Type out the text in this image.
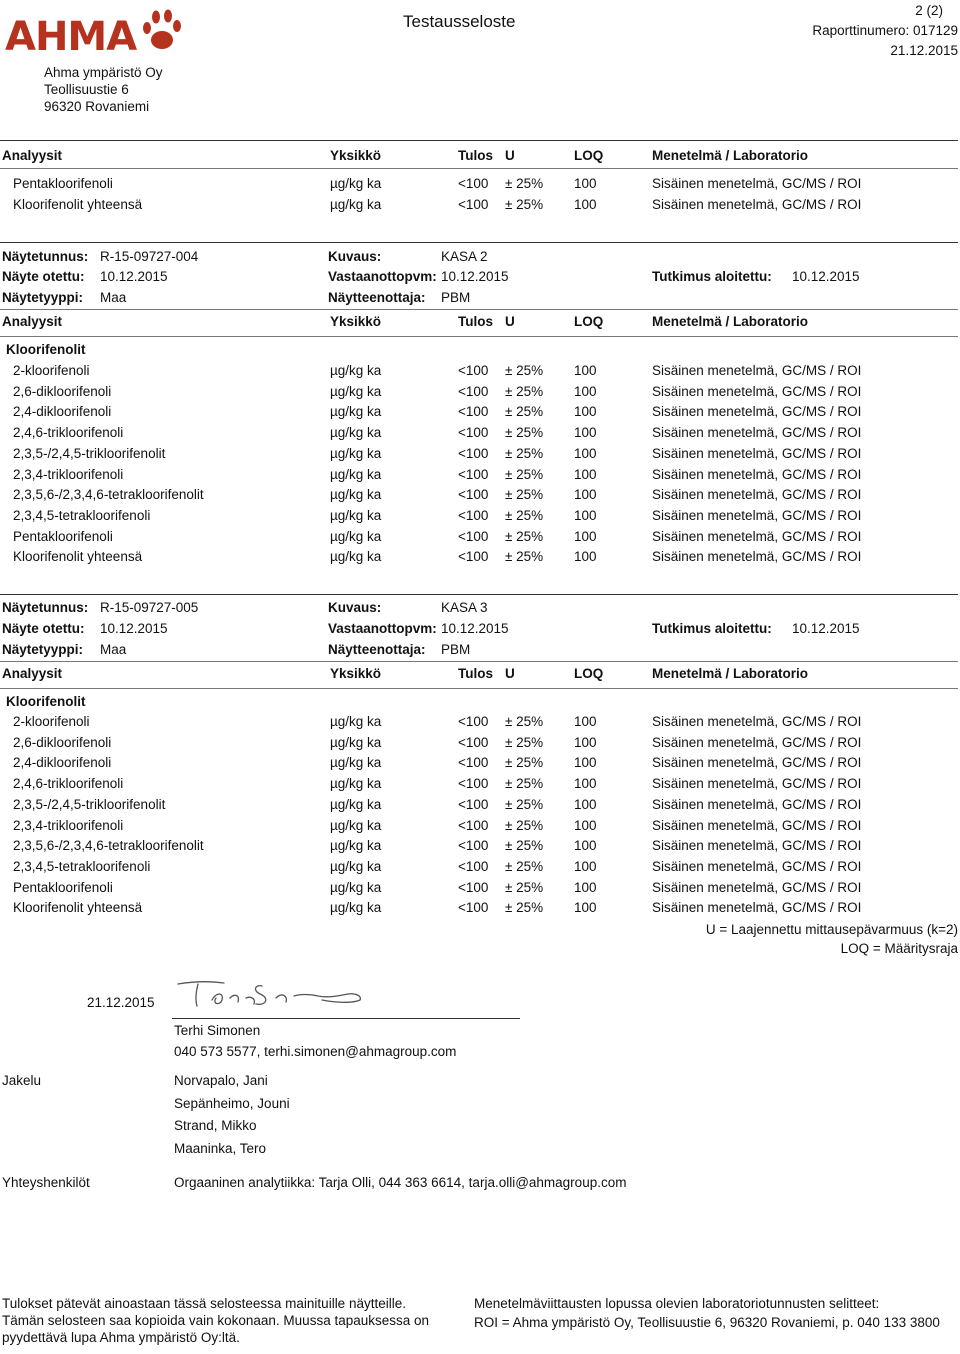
AHMA
Ahma ympäristö Oy
Teollisuustie 6
96320 Rovaniemi
Testausseloste
2 (2)
Raporttinumero: 017129
21.12.2015
Analyysit	Yksikkö	Tulos U	LOQ	Menetelmä / Laboratorio
Pentakloorifenoli	µg/kg ka	<100 ± 25% 100	Sisäinen menetelmä, GC/MS / ROI
Kloorifenolit yhteensä	µg/kg ka	<100 ± 25% 100	Sisäinen menetelmä, GC/MS / ROI
Näytetunnus: R-15-09727-004	Kuvaus:	KASA 2
Näyte otettu: 10.12.2015	Vastaanottopvm: 10.12.2015	Tutkimus aloitettu: 10.12.2015
Näytetyyppi: Maa	Näytteenottaja: PBM
Analyysit	Yksikkö	Tulos U	LOQ	Menetelmä / Laboratorio
Kloorifenolit
2-kloorifenoli	µg/kg ka	<100 ± 25% 100	Sisäinen menetelmä, GC/MS / ROI
2,6-dikloorifenoli	µg/kg ka	<100 ± 25% 100	Sisäinen menetelmä, GC/MS / ROI
2,4-dikloorifenoli	µg/kg ka	<100 ± 25% 100	Sisäinen menetelmä, GC/MS / ROI
2,4,6-trikloorifenoli	µg/kg ka	<100 ± 25% 100	Sisäinen menetelmä, GC/MS / ROI
2,3,5-/2,4,5-trikloorifenolit	µg/kg ka	<100 ± 25% 100	Sisäinen menetelmä, GC/MS / ROI
2,3,4-trikloorifenoli	µg/kg ka	<100 ± 25% 100	Sisäinen menetelmä, GC/MS / ROI
2,3,5,6-/2,3,4,6-tetrakloorifenolit	µg/kg ka	<100 ± 25% 100	Sisäinen menetelmä, GC/MS / ROI
2,3,4,5-tetrakloorifenoli	µg/kg ka	<100 ± 25% 100	Sisäinen menetelmä, GC/MS / ROI
Pentakloorifenoli	µg/kg ka	<100 ± 25% 100	Sisäinen menetelmä, GC/MS / ROI
Kloorifenolit yhteensä	µg/kg ka	<100 ± 25% 100	Sisäinen menetelmä, GC/MS / ROI
Näytetunnus: R-15-09727-005	Kuvaus:	KASA 3
Näyte otettu: 10.12.2015	Vastaanottopvm: 10.12.2015	Tutkimus aloitettu: 10.12.2015
Näytetyyppi: Maa	Näytteenottaja: PBM
Analyysit	Yksikkö	Tulos U	LOQ	Menetelmä / Laboratorio
Kloorifenolit
2-kloorifenoli	µg/kg ka	<100 ± 25% 100	Sisäinen menetelmä, GC/MS / ROI
2,6-dikloorifenoli	µg/kg ka	<100 ± 25% 100	Sisäinen menetelmä, GC/MS / ROI
2,4-dikloorifenoli	µg/kg ka	<100 ± 25% 100	Sisäinen menetelmä, GC/MS / ROI
2,4,6-trikloorifenoli	µg/kg ka	<100 ± 25% 100	Sisäinen menetelmä, GC/MS / ROI
2,3,5-/2,4,5-trikloorifenolit	µg/kg ka	<100 ± 25% 100	Sisäinen menetelmä, GC/MS / ROI
2,3,4-trikloorifenoli	µg/kg ka	<100 ± 25% 100	Sisäinen menetelmä, GC/MS / ROI
2,3,5,6-/2,3,4,6-tetrakloorifenolit	µg/kg ka	<100 ± 25% 100	Sisäinen menetelmä, GC/MS / ROI
2,3,4,5-tetrakloorifenoli	µg/kg ka	<100 ± 25% 100	Sisäinen menetelmä, GC/MS / ROI
Pentakloorifenoli	µg/kg ka	<100 ± 25% 100	Sisäinen menetelmä, GC/MS / ROI
Kloorifenolit yhteensä	µg/kg ka	<100 ± 25% 100	Sisäinen menetelmä, GC/MS / ROI
U = Laajennettu mittausepävarmuus (k=2)
LOQ = Määritysraja
21.12.2015
Terhi Simonen
040 573 5577, terhi.simonen@ahmagroup.com
Jakelu	Norvapalo, Jani
Sepänheimo, Jouni
Strand, Mikko
Maaninka, Tero
Yhteyshenkilöt	Orgaaninen analytiikka: Tarja Olli, 044 363 6614, tarja.olli@ahmagroup.com
Tulokset pätevät ainoastaan tässä selosteessa mainituille näytteille.
Tämän selosteen saa kopioida vain kokonaan. Muussa tapauksessa on
pyydettävä lupa Ahma ympäristö Oy:ltä.
Menetelmäviittausten lopussa olevien laboratoriotunnusten selitteet:
ROI = Ahma ympäristö Oy, Teollisuustie 6, 96320 Rovaniemi, p. 040 133 3800
